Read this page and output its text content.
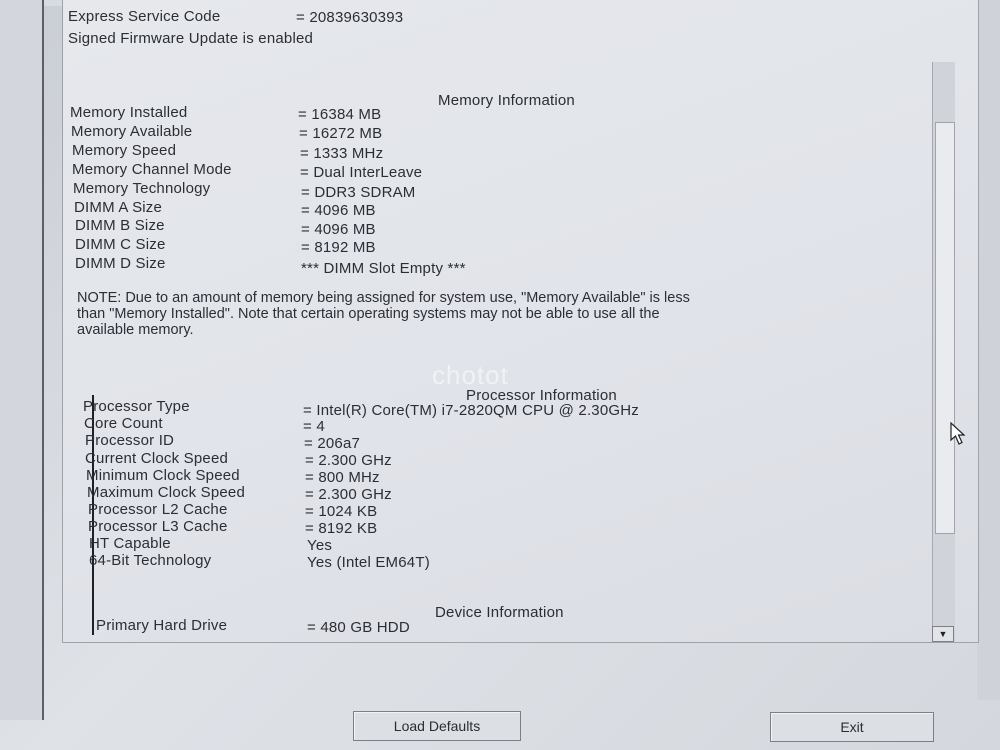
Express Service Code	= 20839630393
Signed Firmware Update is enabled
Memory Information
Memory Installed	= 16384 MB
Memory Available	= 16272 MB
Memory Speed	= 1333 MHz
Memory Channel Mode	= Dual InterLeave
Memory Technology	= DDR3 SDRAM
DIMM A Size	= 4096 MB
DIMM B Size	= 4096 MB
DIMM C Size	= 8192 MB
DIMM D Size	*** DIMM Slot Empty ***
NOTE: Due to an amount of memory being assigned for system use, "Memory Available" is less
than "Memory Installed". Note that certain operating systems may not be able to use all the
available memory.
chotot
Processor Information
Processor Type	= Intel(R) Core(TM) i7-2820QM CPU @ 2.30GHz
Core Count	= 4
Processor ID	= 206a7
Current Clock Speed	= 2.300 GHz
Minimum Clock Speed	= 800 MHz
Maximum Clock Speed	= 2.300 GHz
Processor L2 Cache	= 1024 KB
Processor L3 Cache	= 8192 KB
HT Capable	Yes
64-Bit Technology	Yes (Intel EM64T)
Device Information
Primary Hard Drive	= 480 GB HDD	▼
Load Defaults	Exit
